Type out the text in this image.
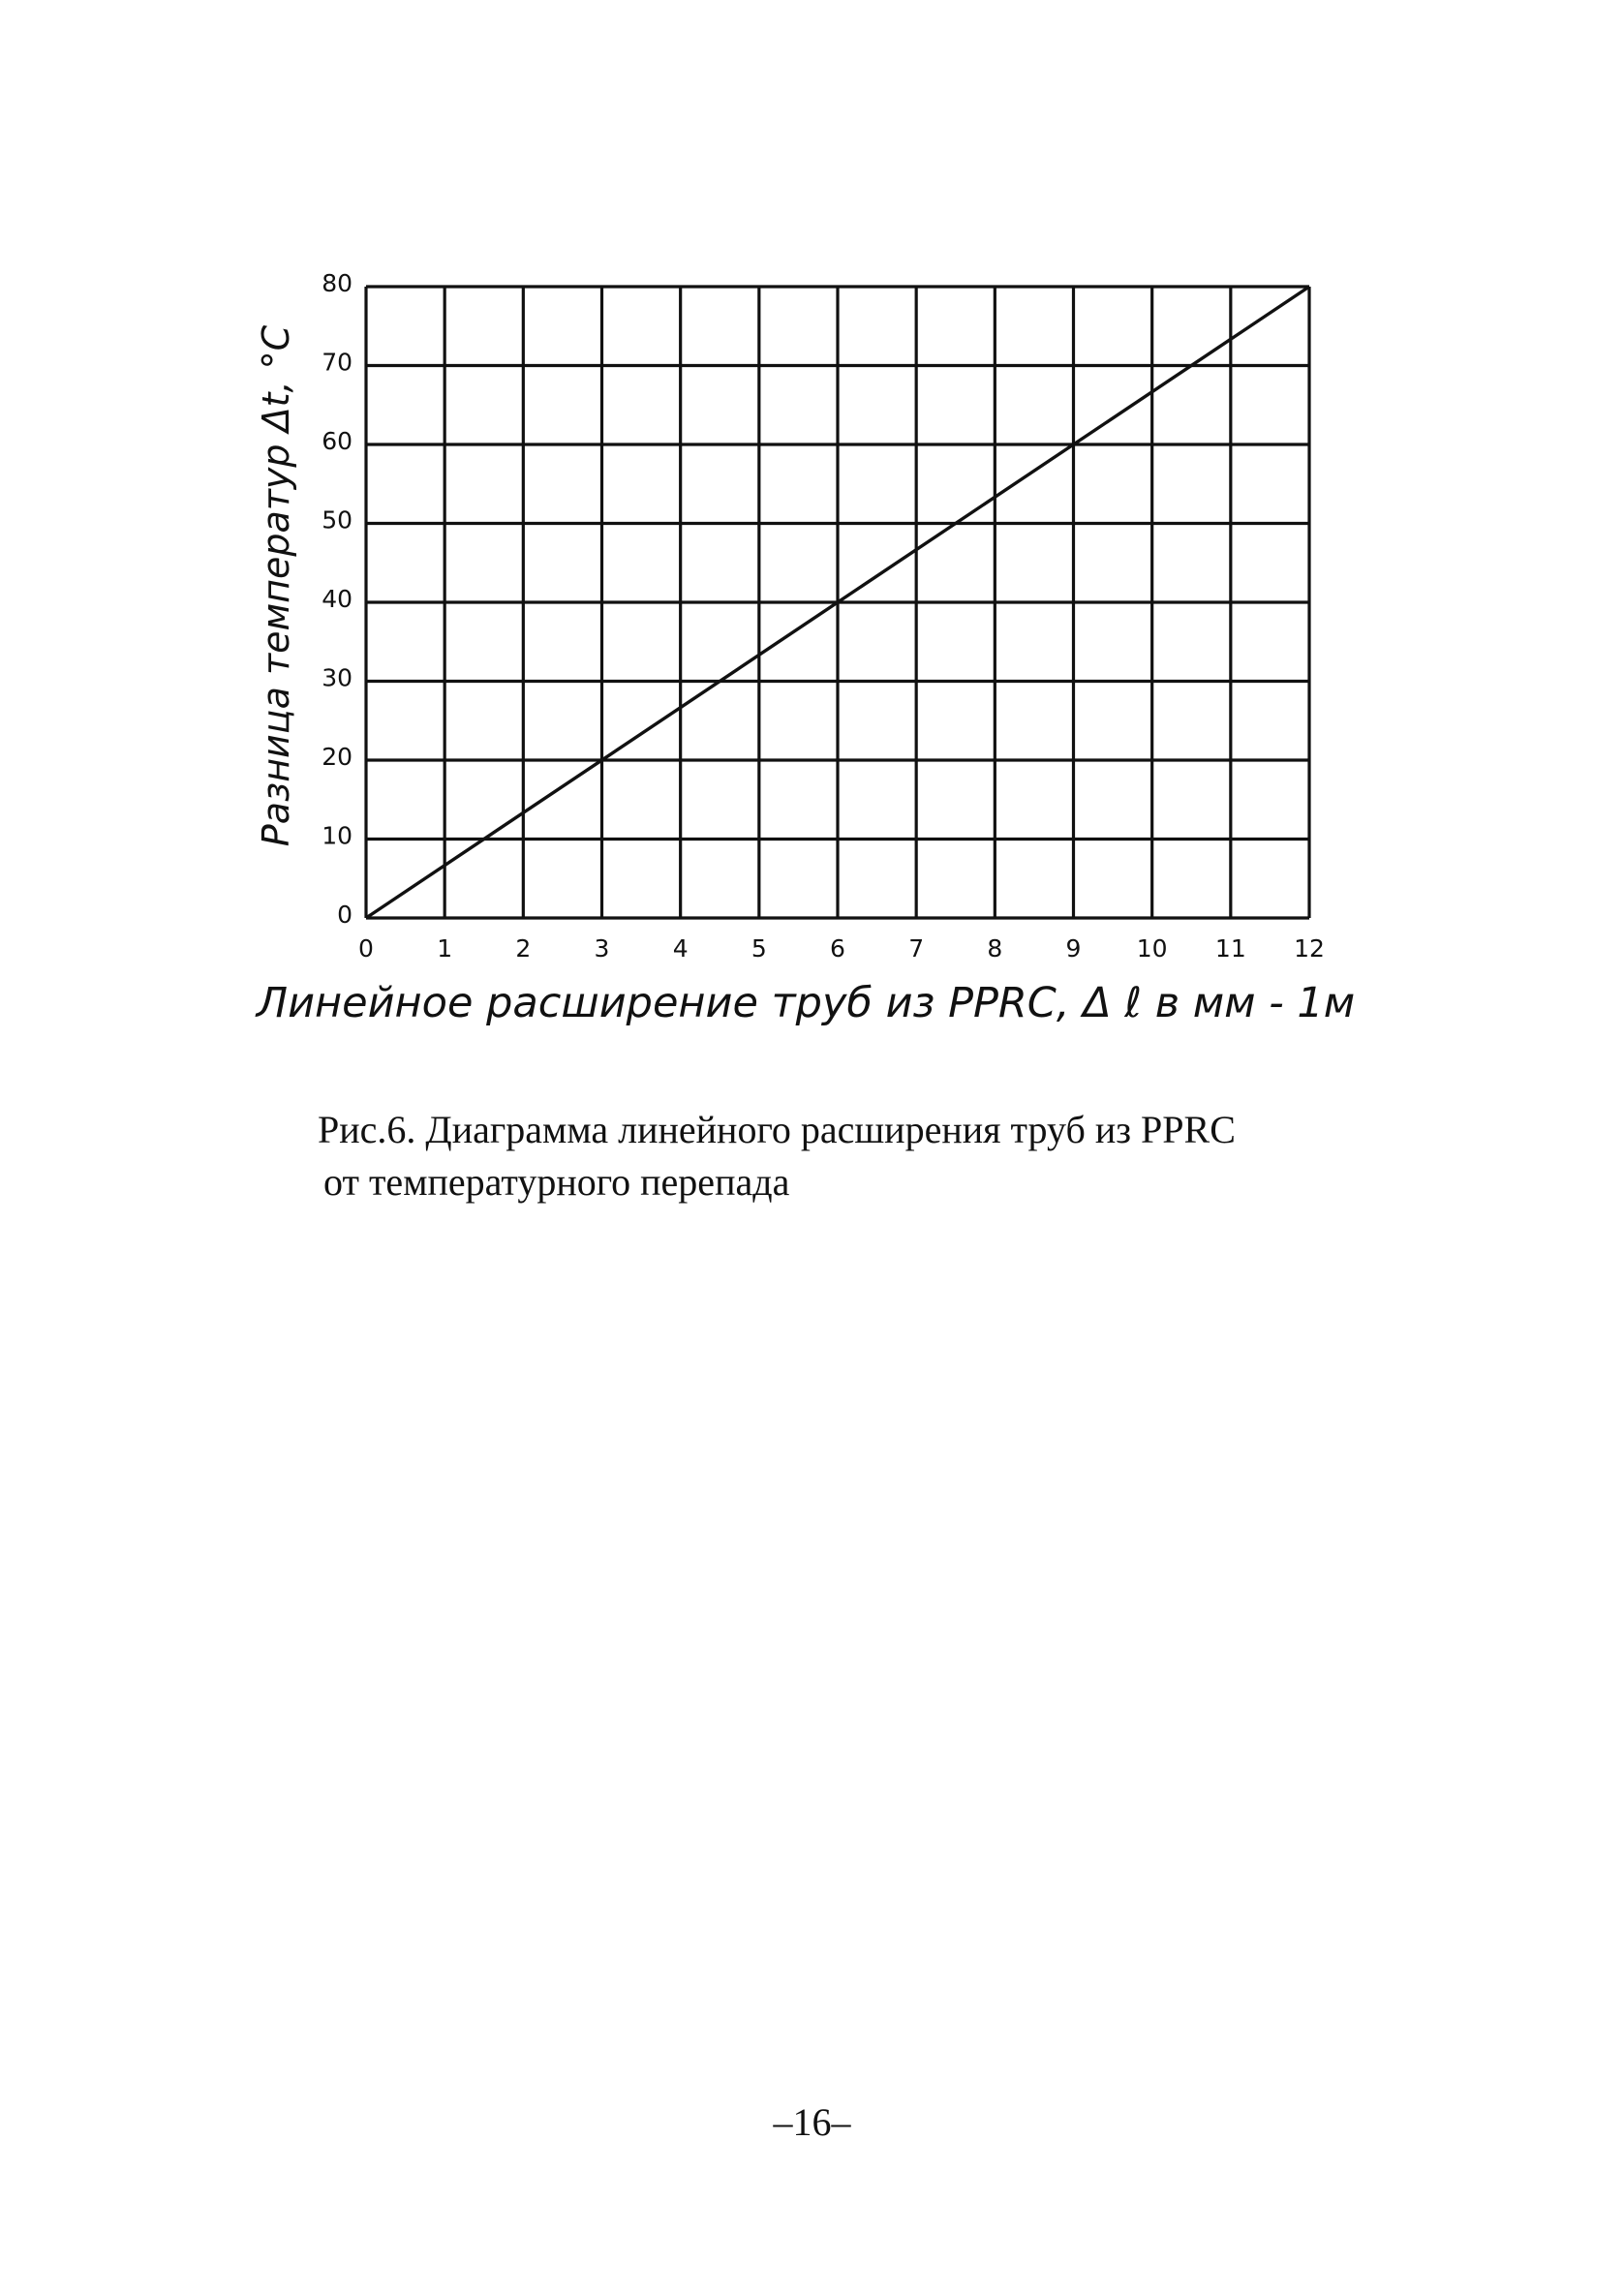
0	1	2	3	4	5	6	7	8	9 10 11 12
0
10
20
30
40
50
60
70
80
Линейное расширение труб из PPRC, Δ ℓ в мм - 1м
Разница температур Δt, °C
Рис.6. Диаграмма линейного расширения труб из PPRC
от температурного перепада
–16–
